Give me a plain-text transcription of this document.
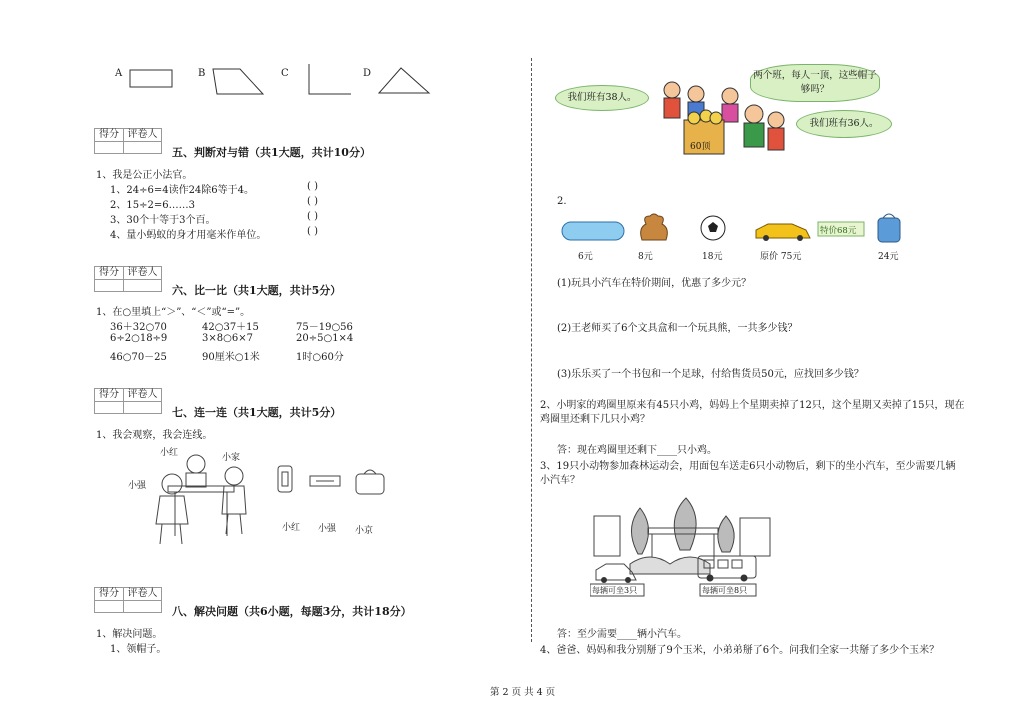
A	B	C	D
得分 评卷人
五、判断对与错（共1大题，共计10分）
1、我是公正小法官。
1、24÷6=4读作24除6等于4。	( )
2、15÷2=6……3	( )
3、30个十等于3个百。	( )
4、量小蚂蚁的身才用毫米作单位。	( )
得分 评卷人
六、比一比（共1大题，共计5分）
1、在○里填上“＞”、“＜”或“=”。
36＋32○70	42○37＋15	75－19○56
6÷2○18÷9	3×8○6×7	20÷5○1×4
46○70－25	90厘米○1米	1时○60分
得分 评卷人
七、连一连（共1大题，共计5分）
1、我会观察，我会连线。
小红	小家
小强
小红 小强 小京
得分 评卷人
八、解决问题（共6小题，每题3分，共计18分）
1、解决问题。
1、领帽子。
我们班有38人。
两个班，每人一顶，这些帽子够吗？
我们班有36人。
60顶
2.
特价68元
6元	8元	18元	原价 75元	24元
(1)玩具小汽车在特价期间，优惠了多少元？
(2)王老师买了6个文具盒和一个玩具熊，一共多少钱？
(3)乐乐买了一个书包和一个足球，付给售货员50元，应找回多少钱？
2、小明家的鸡圈里原来有45只小鸡，妈妈上个星期卖掉了12只，这个星期又卖掉了15只，现在
鸡圈里还剩下几只小鸡？
答：现在鸡圈里还剩下____只小鸡。
3、19只小动物参加森林运动会，用面包车送走6只小动物后，剩下的坐小汽车，至少需要几辆
小汽车？
每辆可坐3只	每辆可坐8只
答：至少需要____辆小汽车。
4、爸爸、妈妈和我分别掰了9个玉米，小弟弟掰了6个。问我们全家一共掰了多少个玉米？
第 2 页 共 4 页
